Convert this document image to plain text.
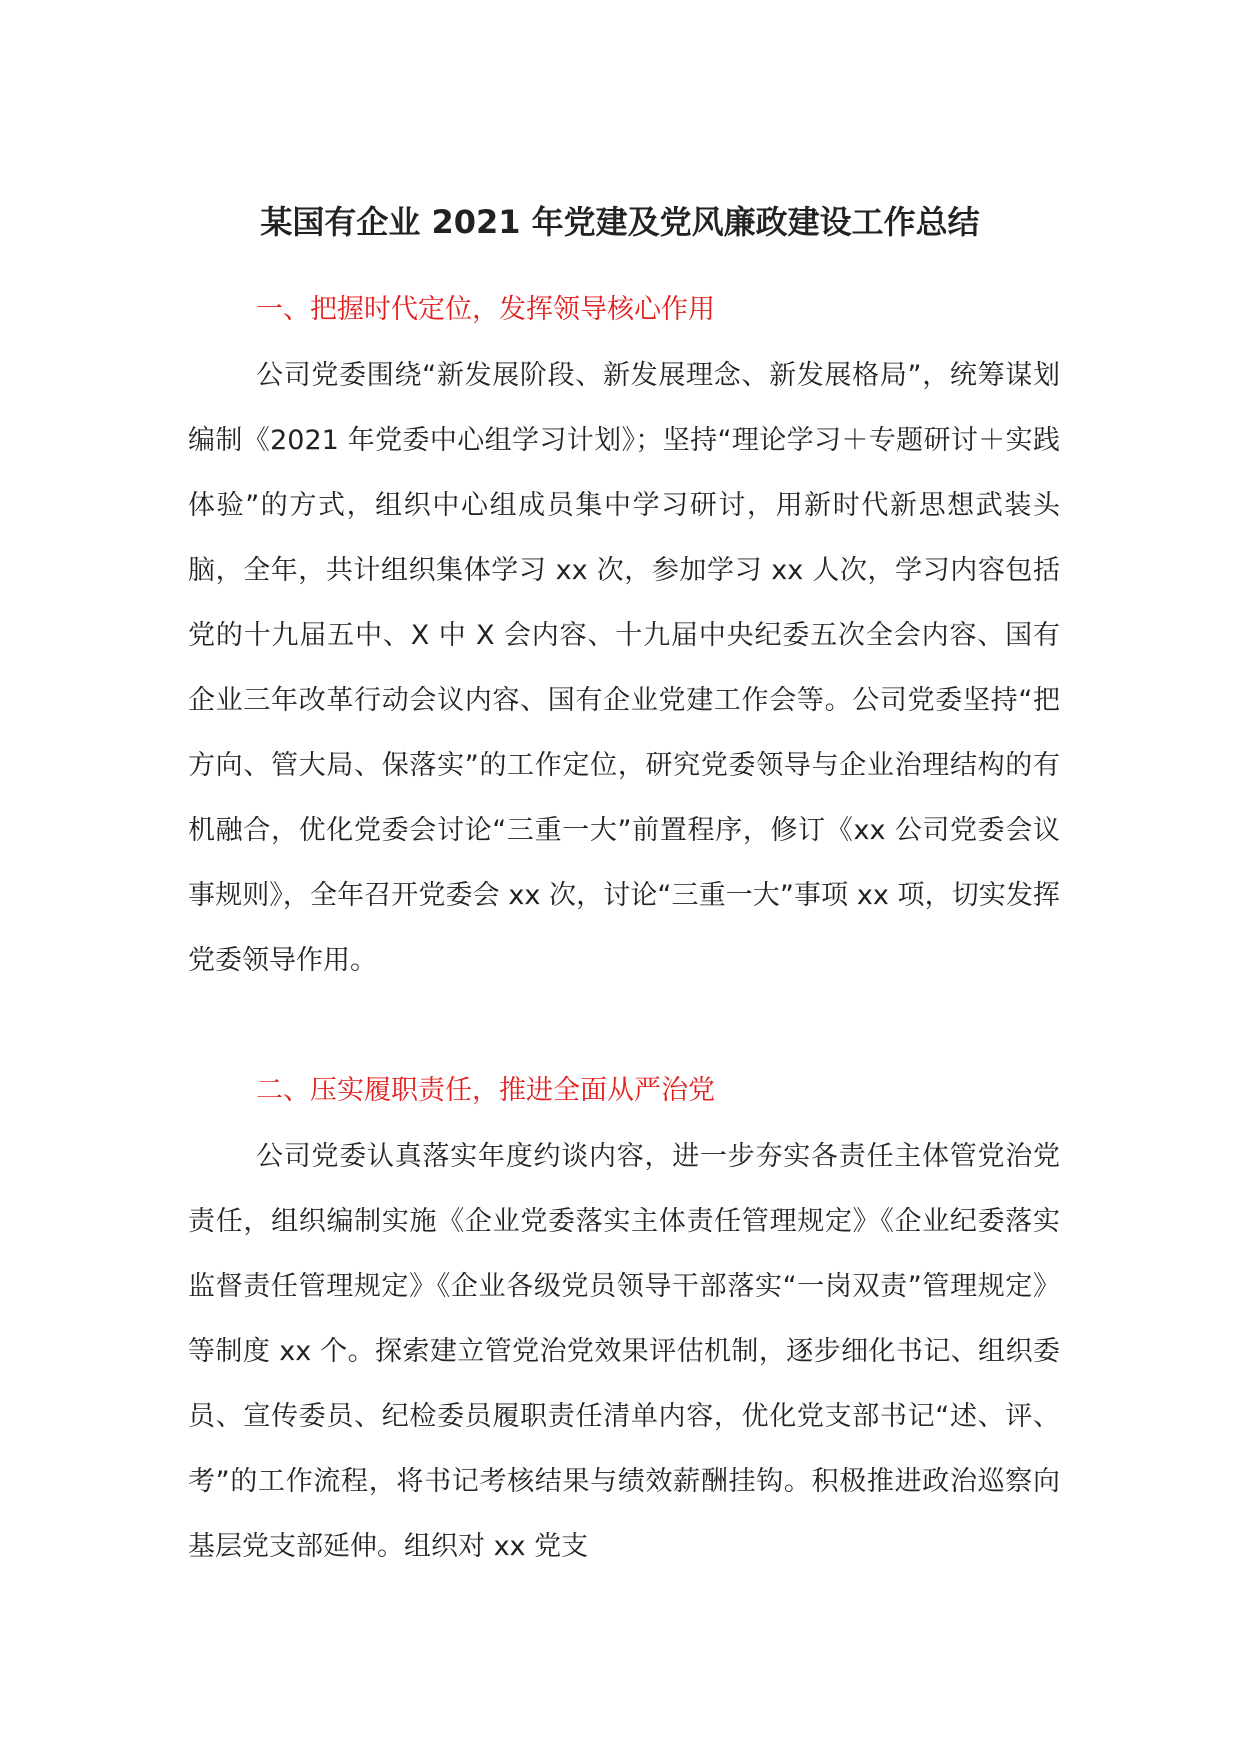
某国有企业 2021 年党建及党风廉政建设工作总结
一、把握时代定位，发挥领导核心作用

公司党委围绕“新发展阶段、新发展理念、新发展格局”，统筹谋划编制《2021 年党委中心组学习计划》；坚持“理论学习＋专题研讨＋实践体验”的方式，组织中心组成员集中学习研讨，用新时代新思想武装头脑，全年，共计组织集体学习 xx 次，参加学习 xx 人次，学习内容包括党的十九届五中、X 中 X 会内容、十九届中央纪委五次全会内容、国有企业三年改革行动会议内容、国有企业党建工作会等。公司党委坚持“把方向、管大局、保落实”的工作定位，研究党委领导与企业治理结构的有机融合，优化党委会讨论“三重一大”前置程序，修订《xx 公司党委会议事规则》，全年召开党委会 xx 次，讨论“三重一大”事项 xx 项，切实发挥党委领导作用。

二、压实履职责任，推进全面从严治党

公司党委认真落实年度约谈内容，进一步夯实各责任主体管党治党责任，组织编制实施《企业党委落实主体责任管理规定》《企业纪委落实监督责任管理规定》《企业各级党员领导干部落实“一岗双责”管理规定》等制度 xx 个。探索建立管党治党效果评估机制，逐步细化书记、组织委员、宣传委员、纪检委员履职责任清单内容，优化党支部书记“述、评、考”的工作流程，将书记考核结果与绩效薪酬挂钩。积极推进政治巡察向基层党支部延伸。组织对 xx 党支
